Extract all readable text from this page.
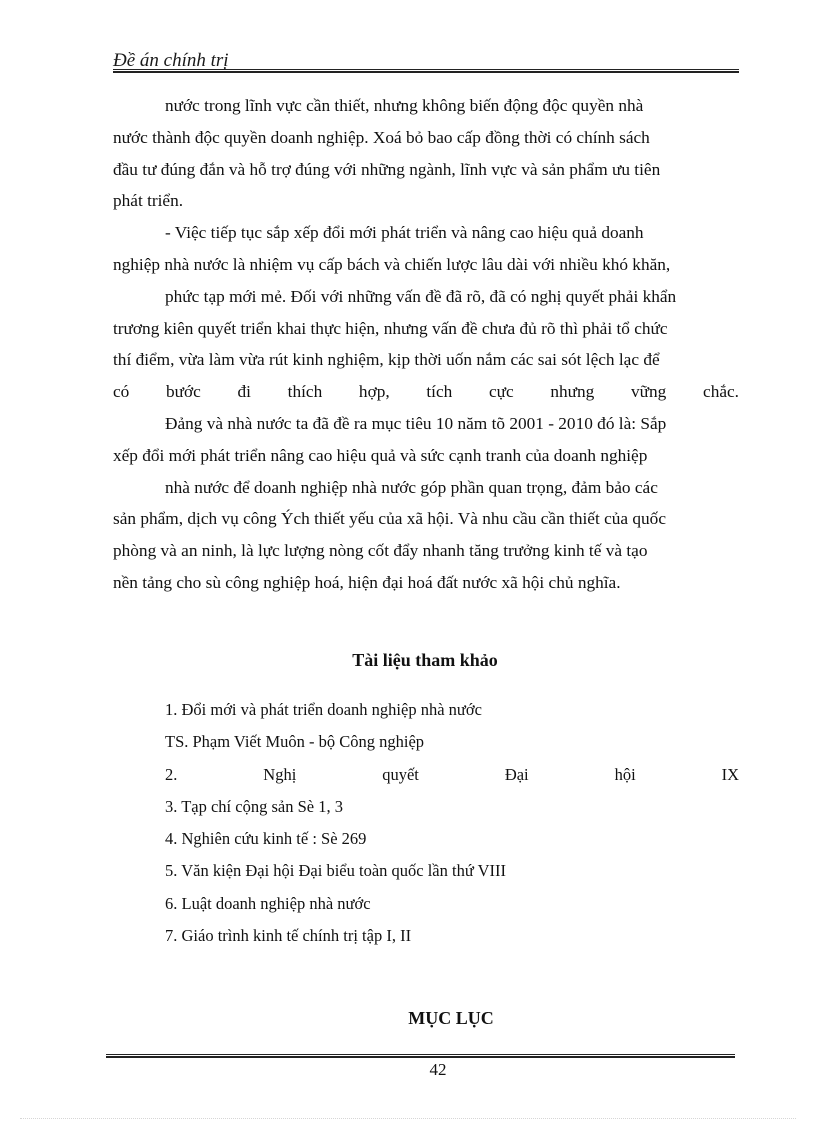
Đề án chính trị
nước trong lĩnh vực cần thiết, nhưng không biến động độc quyền nhà
nước thành độc quyền doanh nghiệp. Xoá bỏ bao cấp đồng thời có chính sách
đầu tư đúng đắn và hỗ trợ đúng với những ngành, lĩnh vực và sản phẩm ưu tiên
phát triển.
- Việc tiếp tục sắp xếp đổi mới phát triển và nâng cao hiệu quả doanh
nghiệp nhà nước là nhiệm vụ cấp bách và chiến lược lâu dài với nhiều khó khăn,
phức tạp mới mẻ. Đối với những vấn đề đã rõ, đã có nghị quyết phải khẩn
trương kiên quyết triển khai thực hiện, nhưng vấn đề chưa đủ rõ thì phải tổ chức
thí điểm, vừa làm vừa rút kinh nghiệm, kịp thời uốn nắm các sai sót lệch lạc để
có bước đi thích hợp, tích cực nhưng vững chắc.
Đảng và nhà nước ta đã đề ra mục tiêu 10 năm tõ 2001 - 2010 đó là: Sắp
xếp đổi mới phát triển nâng cao hiệu quả và sức cạnh tranh của doanh nghiệp
nhà nước để doanh nghiệp nhà nước góp phần quan trọng, đảm bảo các
sản phẩm, dịch vụ công Ých thiết yếu của xã hội. Và nhu cầu cần thiết của quốc
phòng và an ninh, là lực lượng nòng cốt đẩy nhanh tăng trưởng kinh tế và tạo
nền tảng cho sù công nghiệp hoá, hiện đại hoá đất nước xã hội chủ nghĩa.
Tài liệu tham khảo
1. Đổi mới và phát triển doanh nghiệp nhà nước
TS. Phạm Viết Muôn - bộ Công nghiệp
2.	Nghị	quyết	Đại	hội	IX
3. Tạp chí cộng sản Sè 1, 3
4. Nghiên cứu kinh tế : Sè 269
5. Văn kiện Đại hội Đại biểu toàn quốc lần thứ VIII
6. Luật doanh nghiệp nhà nước
7. Giáo trình kinh tế chính trị tập I, II
MỤC LỤC
42
